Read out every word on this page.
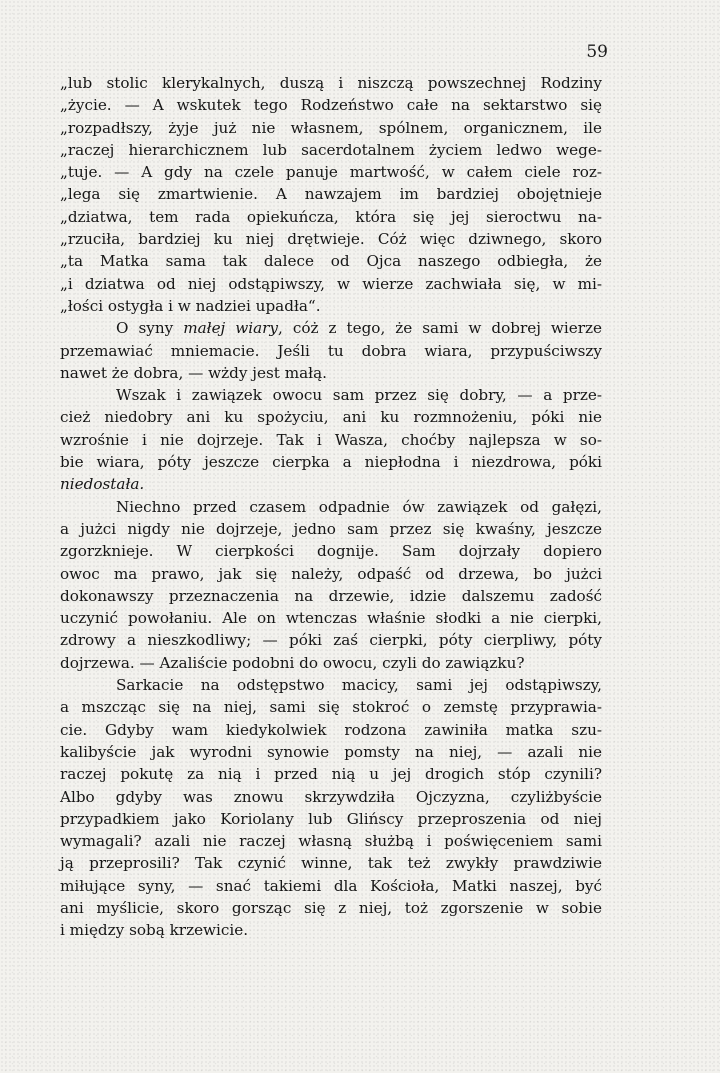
59
„lub stolic klerykalnych, duszą i niszczą powszechnej Rodziny
„życie. — A wskutek tego Rodzeństwo całe na sektarstwo się
„rozpadłszy, żyje już nie własnem, spólnem, organicznem, ile
„raczej hierarchicznem lub sacerdotalnem życiem ledwo wege-
„tuje. — A gdy na czele panuje martwość, w całem ciele roz-
„lega się zmartwienie. A nawzajem im bardziej obojętnieje
„dziatwa, tem rada opiekuńcza, która się jej sieroctwu na-
„rzuciła, bardziej ku niej drętwieje. Cóż więc dziwnego, skoro
„ta Matka sama tak dalece od Ojca naszego odbiegła, że
„i dziatwa od niej odstąpiwszy, w wierze zachwiała się, w mi-
„łości ostygła i w nadziei upadła“.
O syny małej wiary, cóż z tego, że sami w dobrej wierze
przemawiać mniemacie. Jeśli tu dobra wiara, przypuściwszy
nawet że dobra, — wżdy jest małą.
Wszak i zawiązek owocu sam przez się dobry, — a prze-
cież niedobry ani ku spożyciu, ani ku rozmnożeniu, póki nie
wzrośnie i nie dojrzeje. Tak i Wasza, choćby najlepsza w so-
bie wiara, póty jeszcze cierpka a niepłodna i niezdrowa, póki
niedostała.
Niechno przed czasem odpadnie ów zawiązek od gałęzi,
a jużci nigdy nie dojrzeje, jedno sam przez się kwaśny, jeszcze
zgorzknieje. W cierpkości dognije. Sam dojrzały dopiero
owoc ma prawo, jak się należy, odpaść od drzewa, bo jużci
dokonawszy przeznaczenia na drzewie, idzie dalszemu zadość
uczynić powołaniu. Ale on wtenczas właśnie słodki a nie cierpki,
zdrowy a nieszkodliwy; — póki zaś cierpki, póty cierpliwy, póty
dojrzewa. — Azaliście podobni do owocu, czyli do zawiązku?
Sarkacie na odstępstwo macicy, sami jej odstąpiwszy,
a mszcząc się na niej, sami się stokroć o zemstę przyprawia-
cie. Gdyby wam kiedykolwiek rodzona zawiniła matka szu-
kalibyście jak wyrodni synowie pomsty na niej, — azali nie
raczej pokutę za nią i przed nią u jej drogich stóp czynili?
Albo gdyby was znowu skrzywdziła Ojczyzna, czyliżbyście
przypadkiem jako Koriolany lub Glińscy przeproszenia od niej
wymagali? azali nie raczej własną służbą i poświęceniem sami
ją przeprosili? Tak czynić winne, tak też zwykły prawdziwie
miłujące syny, — snać takiemi dla Kościoła, Matki naszej, być
ani myślicie, skoro gorsząc się z niej, toż zgorszenie w sobie
i między sobą krzewicie.
